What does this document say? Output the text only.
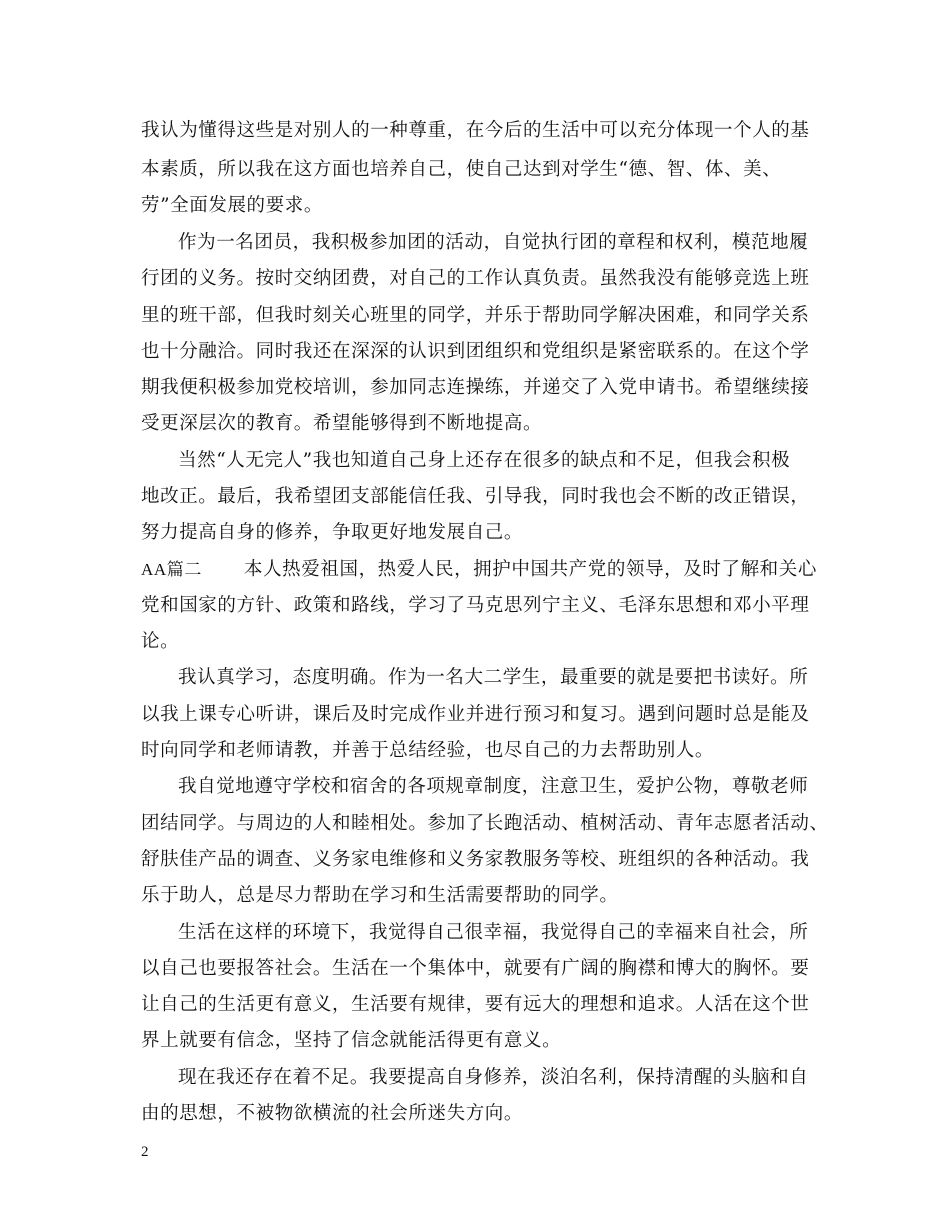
我认为懂得这些是对别人的一种尊重，在今后的生活中可以充分体现一个人的基
本素质，所以我在这方面也培养自己，使自己达到对学生“德、智、体、美、
劳”全面发展的要求。
作为一名团员，我积极参加团的活动，自觉执行团的章程和权利，模范地履
行团的义务。按时交纳团费，对自己的工作认真负责。虽然我没有能够竞选上班
里的班干部，但我时刻关心班里的同学，并乐于帮助同学解决困难，和同学关系
也十分融洽。同时我还在深深的认识到团组织和党组织是紧密联系的。在这个学
期我便积极参加党校培训，参加同志连操练，并递交了入党申请书。希望继续接
受更深层次的教育。希望能够得到不断地提高。
当然“人无完人”我也知道自己身上还存在很多的缺点和不足，但我会积极
地改正。最后，我希望团支部能信任我、引导我，同时我也会不断的改正错误，
努力提高自身的修养，争取更好地发展自己。
AA篇二 本人热爱祖国，热爱人民，拥护中国共产党的领导，及时了解和关心
党和国家的方针、政策和路线，学习了马克思列宁主义、毛泽东思想和邓小平理
论。
我认真学习，态度明确。作为一名大二学生，最重要的就是要把书读好。所
以我上课专心听讲，课后及时完成作业并进行预习和复习。遇到问题时总是能及
时向同学和老师请教，并善于总结经验，也尽自己的力去帮助别人。
我自觉地遵守学校和宿舍的各项规章制度，注意卫生，爱护公物，尊敬老师
团结同学。与周边的人和睦相处。参加了长跑活动、植树活动、青年志愿者活动、
舒肤佳产品的调查、义务家电维修和义务家教服务等校、班组织的各种活动。我
乐于助人，总是尽力帮助在学习和生活需要帮助的同学。
生活在这样的环境下，我觉得自己很幸福，我觉得自己的幸福来自社会，所
以自己也要报答社会。生活在一个集体中，就要有广阔的胸襟和博大的胸怀。要
让自己的生活更有意义，生活要有规律，要有远大的理想和追求。人活在这个世
界上就要有信念，坚持了信念就能活得更有意义。
现在我还存在着不足。我要提高自身修养，淡泊名利，保持清醒的头脑和自
由的思想，不被物欲横流的社会所迷失方向。
2
